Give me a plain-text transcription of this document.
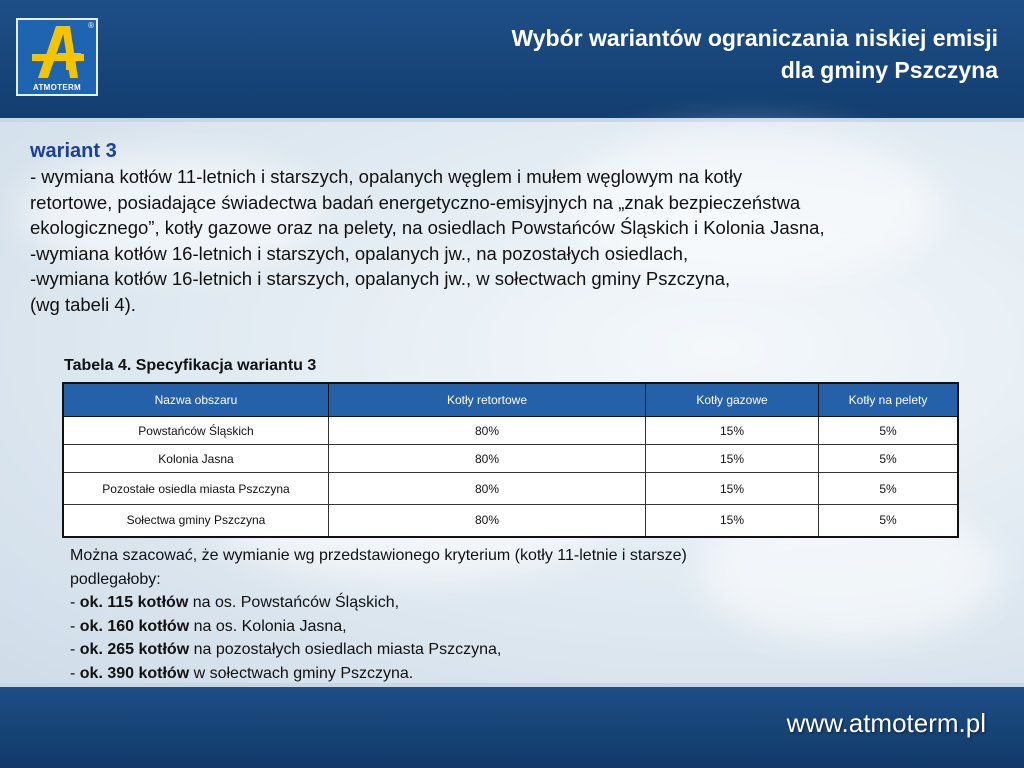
®
ATMOTERM
Wybór wariantów ograniczania niskiej emisji
dla gminy Pszczyna
wariant 3
- wymiana kotłów 11-letnich i starszych, opalanych węglem i mułem węglowym na kotły
retortowe, posiadające świadectwa badań energetyczno-emisyjnych na „znak bezpieczeństwa
ekologicznego”, kotły gazowe oraz na pelety, na osiedlach Powstańców Śląskich i Kolonia Jasna,
-wymiana kotłów 16-letnich i starszych, opalanych jw., na pozostałych osiedlach,
-wymiana kotłów 16-letnich i starszych, opalanych jw., w sołectwach gminy Pszczyna,
(wg tabeli 4).
Tabela 4. Specyfikacja wariantu 3
Nazwa obszaru	Kotły retortowe	Kotły gazowe	Kotły na pelety
Powstańców Śląskich	80%	15%	5%
Kolonia Jasna	80%	15%	5%
Pozostałe osiedla miasta Pszczyna	80%	15%	5%
Sołectwa gminy Pszczyna	80%	15%	5%
Można szacować, że wymianie wg przedstawionego kryterium (kotły 11-letnie i starsze)
podlegałoby:
- ok. 115 kotłów na os. Powstańców Śląskich,
- ok. 160 kotłów na os. Kolonia Jasna,
- ok. 265 kotłów na pozostałych osiedlach miasta Pszczyna,
- ok. 390 kotłów w sołectwach gminy Pszczyna.
www.atmoterm.pl
